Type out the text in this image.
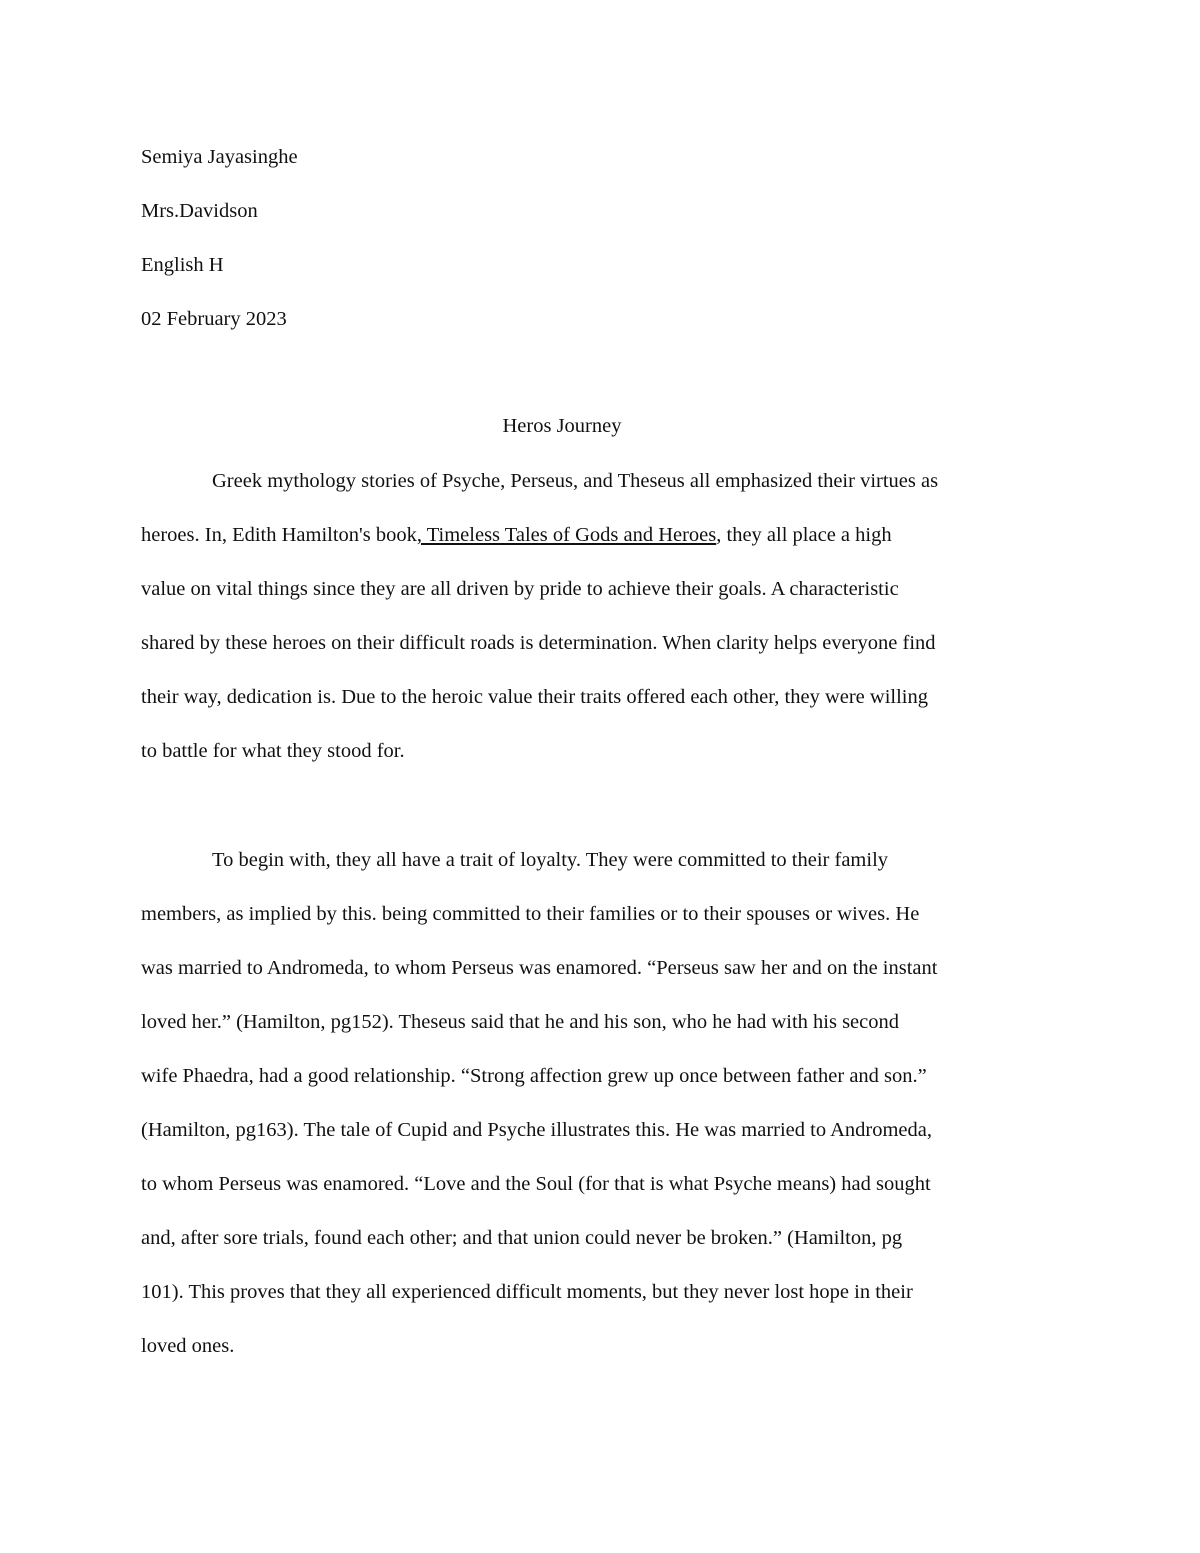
Semiya Jayasinghe

Mrs.Davidson

English H

02 February 2023

Heros Journey

Greek mythology stories of Psyche, Perseus, and Theseus all emphasized their virtues as

heroes. In, Edith Hamilton's book, Timeless Tales of Gods and Heroes, they all place a high

value on vital things since they are all driven by pride to achieve their goals. A characteristic

shared by these heroes on their difficult roads is determination. When clarity helps everyone find

their way, dedication is. Due to the heroic value their traits offered each other, they were willing

to battle for what they stood for.

To begin with, they all have a trait of loyalty. They were committed to their family

members, as implied by this. being committed to their families or to their spouses or wives. He

was married to Andromeda, to whom Perseus was enamored. “Perseus saw her and on the instant

loved her.” (Hamilton, pg152). Theseus said that he and his son, who he had with his second

wife Phaedra, had a good relationship. “Strong affection grew up once between father and son.”

(Hamilton, pg163). The tale of Cupid and Psyche illustrates this. He was married to Andromeda,

to whom Perseus was enamored. “Love and the Soul (for that is what Psyche means) had sought

and, after sore trials, found each other; and that union could never be broken.” (Hamilton, pg

101). This proves that they all experienced difficult moments, but they never lost hope in their

loved ones.
